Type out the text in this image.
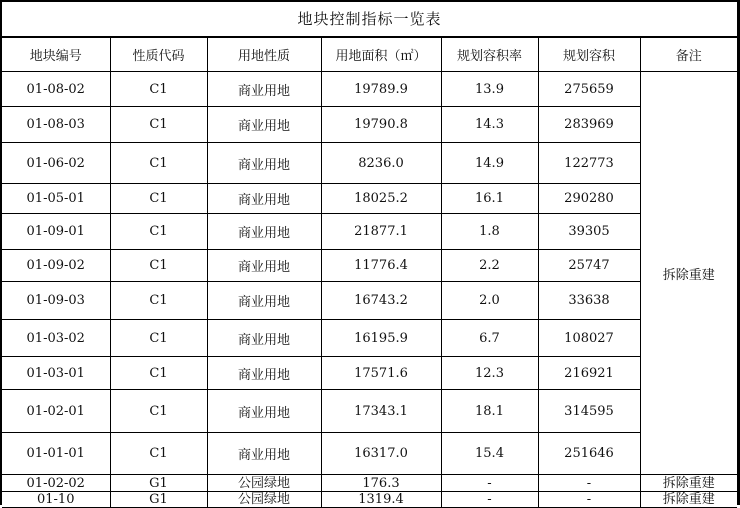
地块控制指标一览表
地块编号	性质代码	用地性质	用地面积（㎡）	规划容积率	规划容积	备注
01-08-02	C1	商业用地	19789.9	13.9	275659	拆除重建
01-08-03	C1	商业用地	19790.8	14.3	283969	
01-06-02	C1	商业用地	8236.0	14.9	122773	
01-05-01	C1	商业用地	18025.2	16.1	290280	
01-09-01	C1	商业用地	21877.1	1.8	39305	
01-09-02	C1	商业用地	11776.4	2.2	25747	
01-09-03	C1	商业用地	16743.2	2.0	33638	
01-03-02	C1	商业用地	16195.9	6.7	108027	
01-03-01	C1	商业用地	17571.6	12.3	216921	
01-02-01	C1	商业用地	17343.1	18.1	314595	
01-01-01	C1	商业用地	16317.0	15.4	251646	
01-02-02	G1	公园绿地	176.3	-	-	拆除重建
01-10	G1	公园绿地	1319.4	-	-	拆除重建
